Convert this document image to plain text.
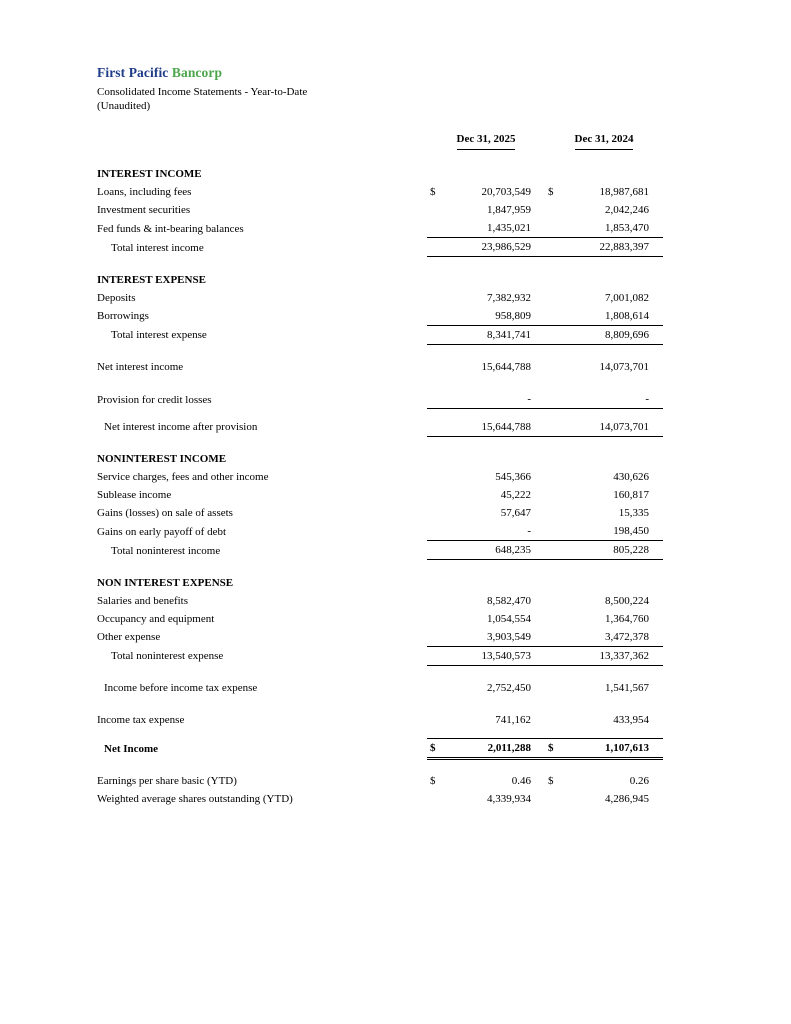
First Pacific Bancorp
Consolidated Income Statements - Year-to-Date
(Unaudited)
	Dec 31, 2025		Dec 31, 2024	

INTEREST INCOME				
Loans, including fees	$	20,703,549	$	18,987,681
Investment securities		1,847,959		2,042,246
Fed funds & int-bearing balances		1,435,021		1,853,470
Total interest income		23,986,529		22,883,397

INTEREST EXPENSE				
Deposits		7,382,932		7,001,082
Borrowings		958,809		1,808,614
Total interest expense		8,341,741		8,809,696

Net interest income		15,644,788		14,073,701

Provision for credit losses		-		-

Net interest income after provision		15,644,788		14,073,701

NONINTEREST INCOME				
Service charges, fees and other income		545,366		430,626
Sublease income		45,222		160,817
Gains (losses) on sale of assets		57,647		15,335
Gains on early payoff of debt		-		198,450
Total noninterest income		648,235		805,228

NON INTEREST EXPENSE				
Salaries and benefits		8,582,470		8,500,224
Occupancy and equipment		1,054,554		1,364,760
Other expense		3,903,549		3,472,378
Total noninterest expense		13,540,573		13,337,362

Income before income tax expense		2,752,450		1,541,567

Income tax expense		741,162		433,954

Net Income	$	2,011,288	$	1,107,613

Earnings per share basic (YTD)	$	0.46	$	0.26
Weighted average shares outstanding (YTD)		4,339,934		4,286,945
